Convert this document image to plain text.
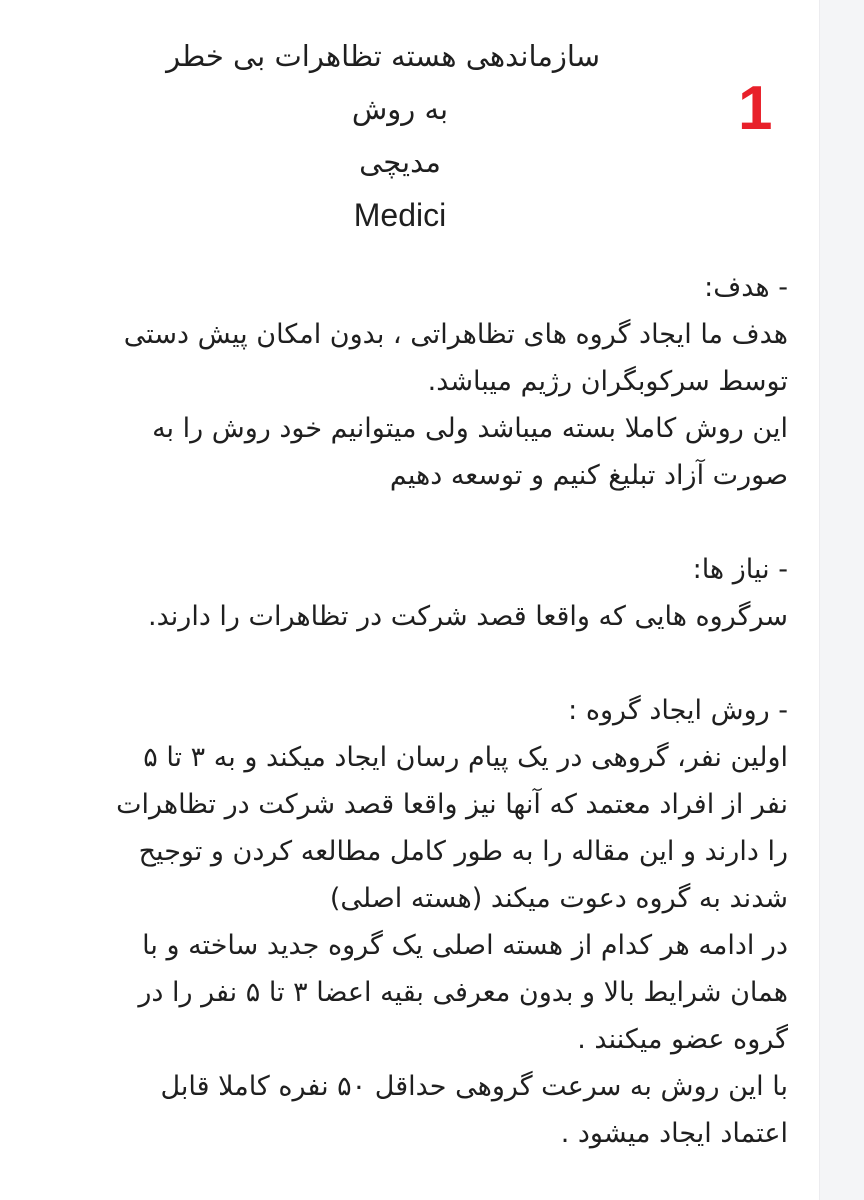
1
سازماندهی هسته تظاهرات بی خطر
به روش
مدیچی
Medici
- هدف:
هدف ما ایجاد گروه های تظاهراتی ، بدون امکان پیش دستی
توسط سرکوبگران رژیم میباشد.
این روش کاملا بسته میباشد ولی میتوانیم خود روش را به
صورت آزاد تبلیغ کنیم و توسعه دهیم
- نیاز ها:
سرگروه هایی که واقعا قصد شرکت در تظاهرات را دارند.
- روش ایجاد گروه :
اولین نفر، گروهی در یک پیام رسان ایجاد میکند و به ۳ تا ۵
نفر از افراد معتمد که آنها نیز واقعا قصد شرکت در تظاهرات
را دارند و این مقاله را به طور کامل مطالعه کردن و توجیح
شدند به گروه دعوت میکند (هسته اصلی)
در ادامه هر کدام از هسته اصلی یک گروه جدید ساخته و با
همان شرایط بالا و بدون معرفی بقیه اعضا ۳ تا ۵ نفر را در
گروه عضو میکنند .
با این روش به سرعت گروهی حداقل ۵۰ نفره کاملا قابل
اعتماد ایجاد میشود .
